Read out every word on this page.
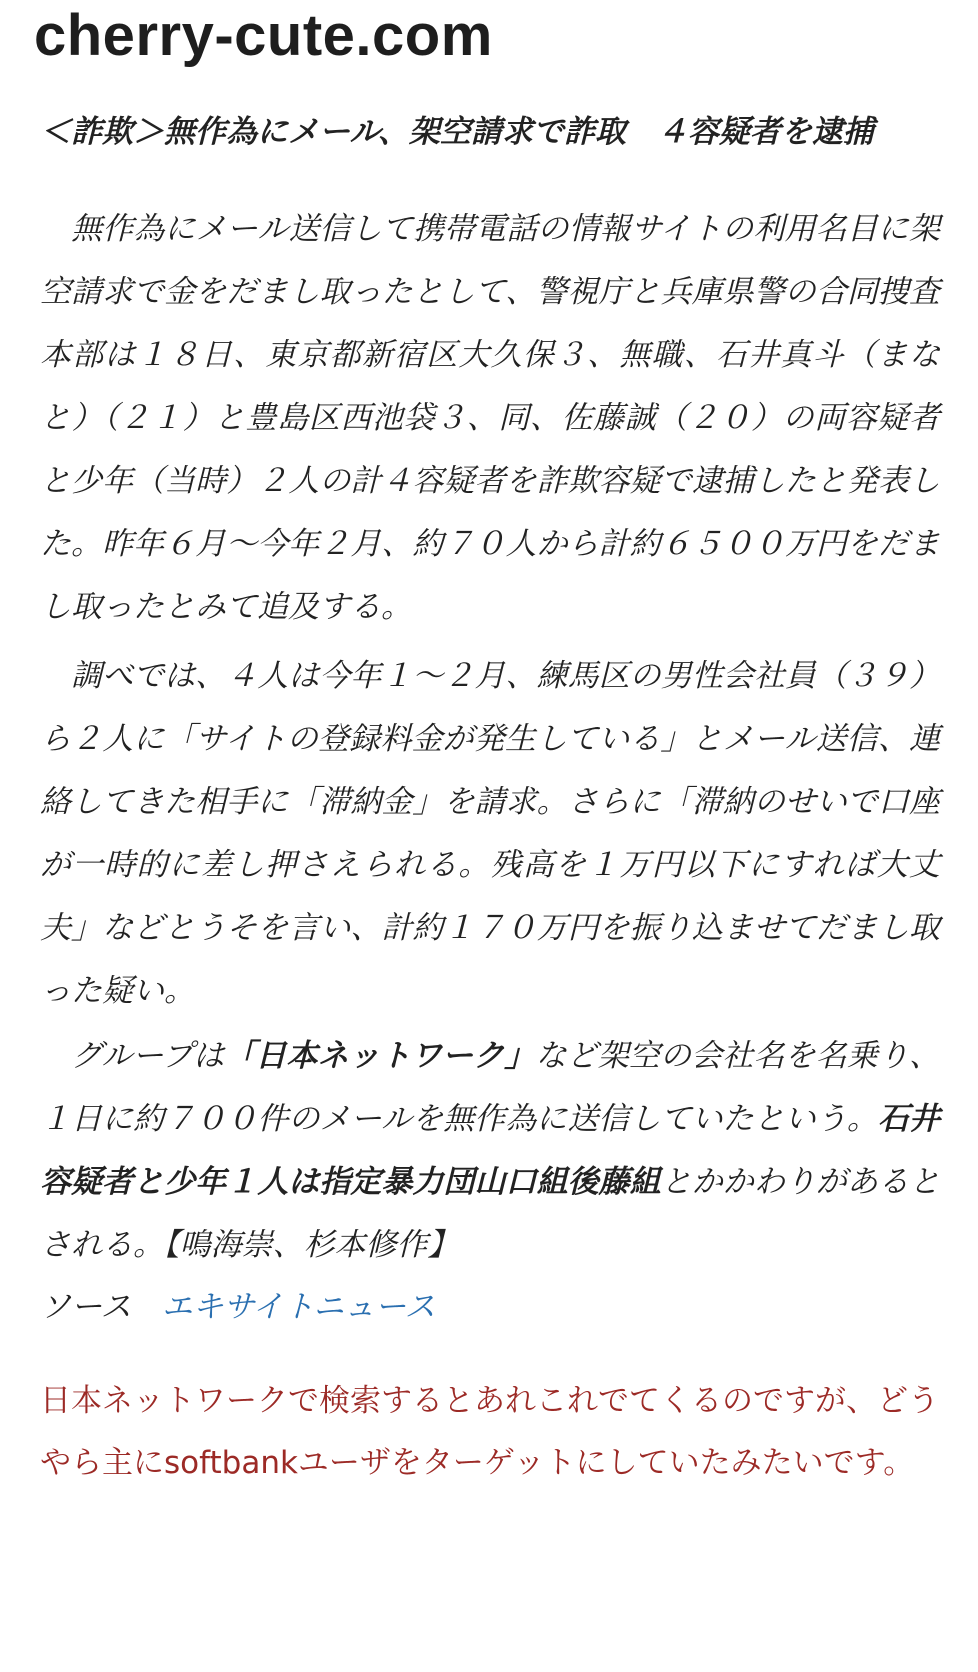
cherry-cute.com
＜詐欺＞無作為にメール、架空請求で詐取　４容疑者を逮捕

無作為にメール送信して携帯電話の情報サイトの利用名目に架空請求で金をだまし取ったとして、警視庁と兵庫県警の合同捜査本部は１８日、東京都新宿区大久保３、無職、石井真斗（まなと）（２１）と豊島区西池袋３、同、佐藤誠（２０）の両容疑者と少年（当時）２人の計４容疑者を詐欺容疑で逮捕したと発表した。昨年６月〜今年２月、約７０人から計約６５００万円をだまし取ったとみて追及する。

調べでは、４人は今年１〜２月、練馬区の男性会社員（３９）ら２人に「サイトの登録料金が発生している」とメール送信、連絡してきた相手に「滞納金」を請求。さらに「滞納のせいで口座が一時的に差し押さえられる。残高を１万円以下にすれば大丈夫」などとうそを言い、計約１７０万円を振り込ませてだまし取った疑い。

グループは「日本ネットワーク」など架空の会社名を名乗り、１日に約７００件のメールを無作為に送信していたという。石井容疑者と少年１人は指定暴力団山口組後藤組とかかわりがあるとされる。【鳴海崇、杉本修作】

ソース エキサイトニュース

日本ネットワークで検索するとあれこれでてくるのですが、どうやら主にsoftbankユーザをターゲットにしていたみたいです。
